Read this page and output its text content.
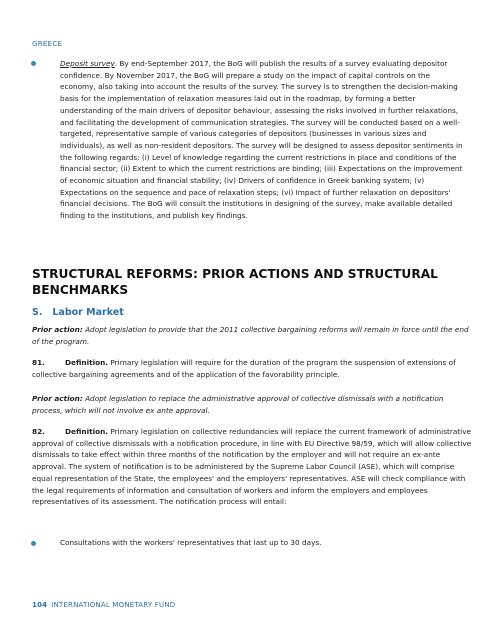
GREECE
Deposit survey. By end-September 2017, the BoG will publish the results of a survey evaluating depositor confidence. By November 2017, the BoG will prepare a study on the impact of capital controls on the economy, also taking into account the results of the survey. The survey is to strengthen the decision-making basis for the implementation of relaxation measures laid out in the roadmap, by forming a better understanding of the main drivers of depositor behaviour, assessing the risks involved in further relaxations, and facilitating the development of communication strategies. The survey will be conducted based on a well-targeted, representative sample of various categories of depositors (businesses in various sizes and individuals), as well as non-resident depositors. The survey will be designed to assess depositor sentiments in the following regards: (i) Level of knowledge regarding the current restrictions in place and conditions of the financial sector; (ii) Extent to which the current restrictions are binding; (iii) Expectations on the improvement of economic situation and financial stability; (iv) Drivers of confidence in Greek banking system; (v) Expectations on the sequence and pace of relaxation steps; (vi) Impact of further relaxation on depositors' financial decisions. The BoG will consult the institutions in designing of the survey, make available detailed finding to the institutions, and publish key findings.
STRUCTURAL REFORMS: PRIOR ACTIONS AND STRUCTURAL BENCHMARKS
S.   Labor Market
Prior action: Adopt legislation to provide that the 2011 collective bargaining reforms will remain in force until the end of the program.
81.	Definition. Primary legislation will require for the duration of the program the suspension of extensions of collective bargaining agreements and of the application of the favorability principle.
Prior action: Adopt legislation to replace the administrative approval of collective dismissals with a notification process, which will not involve ex ante approval.
82.	Definition. Primary legislation on collective redundancies will replace the current framework of administrative approval of collective dismissals with a notification procedure, in line with EU Directive 98/59, which will allow collective dismissals to take effect within three months of the notification by the employer and will not require an ex-ante approval. The system of notification is to be administered by the Supreme Labor Council (ASE), which will comprise equal representation of the State, the employees' and the employers' representatives. ASE will check compliance with the legal requirements of information and consultation of workers and inform the employers and employees representatives of its assessment. The notification process will entail:
Consultations with the workers' representatives that last up to 30 days.
104 INTERNATIONAL MONETARY FUND
